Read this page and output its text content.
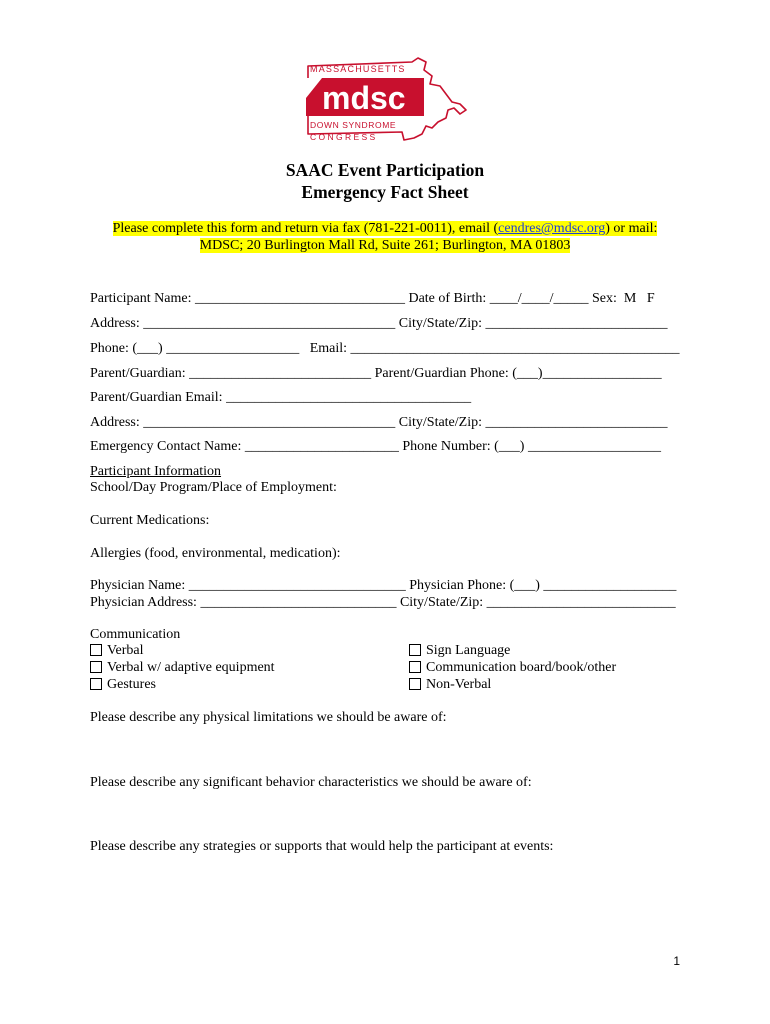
mdsc
MASSACHUSETTS
DOWN SYNDROME
C O N G R E S S
SAAC Event Participation
Emergency Fact Sheet
Please complete this form and return via fax (781-221-0011), email (cendres@mdsc.org) or mail:
MDSC; 20 Burlington Mall Rd, Suite 261; Burlington, MA 01803
Participant Name: ______________________________ Date of Birth: ____/____/_____ Sex:  M   F
Address: ____________________________________ City/State/Zip: __________________________
Phone: (___) ___________________   Email: _______________________________________________
Parent/Guardian: __________________________ Parent/Guardian Phone: (___)_________________
Parent/Guardian Email: ___________________________________
Address: ____________________________________ City/State/Zip: __________________________
Emergency Contact Name: ______________________ Phone Number: (___) ___________________
Participant Information
School/Day Program/Place of Employment:
Current Medications:
Allergies (food, environmental, medication):
Physician Name: _______________________________ Physician Phone: (___) ___________________
Physician Address: ____________________________ City/State/Zip: ___________________________
Communication
Verbal
Verbal w/ adaptive equipment
Gestures
Sign Language
Communication board/book/other
Non-Verbal
Please describe any physical limitations we should be aware of:
Please describe any significant behavior characteristics we should be aware of:
Please describe any strategies or supports that would help the participant at events:
1
